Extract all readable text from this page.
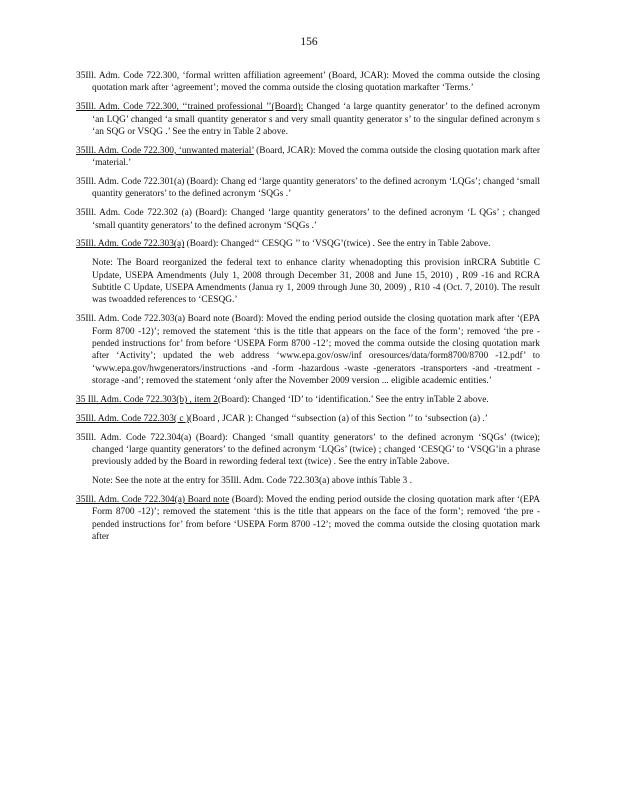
156

35Ill. Adm. Code 722.300, ‘formal written affiliation agreement’ (Board, JCAR): Moved the comma outside the closing quotation mark after ‘agreement’; moved the comma outside the closing quotation markafter ‘Terms.’

35Ill. Adm. Code 722.300, ‘‘trained professional ’’(Board): Changed ‘a large quantity generator’ to the defined acronym ‘an LQG’ changed ‘a small quantity generator s and very small quantity generator s’ to the singular defined acronym s ‘an SQG or VSQG .’ See the entry in Table 2 above.

35Ill. Adm. Code 722.300, ‘unwanted material’ (Board, JCAR): Moved the comma outside the closing quotation mark after ‘material.’

35Ill. Adm. Code 722.301(a) (Board): Chang ed ‘large quantity generators’ to the defined acronym ‘LQGs’; changed ‘small quantity generators’ to the defined acronym ‘SQGs .’

35Ill. Adm. Code 722.302 (a) (Board): Changed ‘large quantity generators’ to the defined acronym ‘L QGs’ ; changed ‘small quantity generators’ to the defined acronym ‘SQGs .’

35Ill. Adm. Code 722.303(a) (Board): Changed‘‘ CESQG ’’ to ‘VSQG’(twice) . See the entry in Table 2above.

Note: The Board reorganized the federal text to enhance clarity whenadopting this provision inRCRA Subtitle C Update, USEPA Amendments (July 1, 2008 through December 31, 2008 and June 15, 2010) , R09 -16 and RCRA Subtitle C Update, USEPA Amendments (Janua ry 1, 2009 through June 30, 2009) , R10 -4 (Oct. 7, 2010). The result was twoadded references to ‘CESQG.’

35Ill. Adm. Code 722.303(a) Board note (Board): Moved the ending period outside the closing quotation mark after ‘(EPA Form 8700 -12)’; removed the statement ‘this is the title that appears on the face of the form’; removed ‘the pre -pended instructions for’ from before ‘USEPA Form 8700 -12’; moved the comma outside the closing quotation mark after ‘Activity’; updated the web address ‘www.epa.gov/osw/inf oresources/data/form8700/8700 -12.pdf’ to ‘www.epa.gov/hwgenerators/instructions -and -form -hazardous -waste -generators -transporters -and -treatment -storage -and’; removed the statement ‘only after the November 2009 version ... eligible academic entities.’

35 Ill. Adm. Code 722.303(b) , item 2(Board): Changed ‘ID’ to ‘identification.’ See the entry inTable 2 above.

35Ill. Adm. Code 722.303( c )(Board , JCAR ): Changed ‘‘subsection (a) of this Section ’’ to ‘subsection (a) .’

35Ill. Adm. Code 722.304(a) (Board): Changed ‘small quantity generators’ to the defined acronym ‘SQGs’ (twice); changed ‘large quantity generators’ to the defined acronym ‘LQGs’ (twice) ; changed ‘CESQG’ to ‘VSQG’in a phrase previously added by the Board in rewording federal text (twice) . See the entry inTable 2above.

Note: See the note at the entry for 35Ill. Adm. Code 722.303(a) above inthis Table 3 .

35Ill. Adm. Code 722.304(a) Board note (Board): Moved the ending period outside the closing quotation mark after ‘(EPA Form 8700 -12)’; removed the statement ‘this is the title that appears on the face of the form’; removed ‘the pre -pended instructions for’ from before ‘USEPA Form 8700 -12’; moved the comma outside the closing quotation mark after
